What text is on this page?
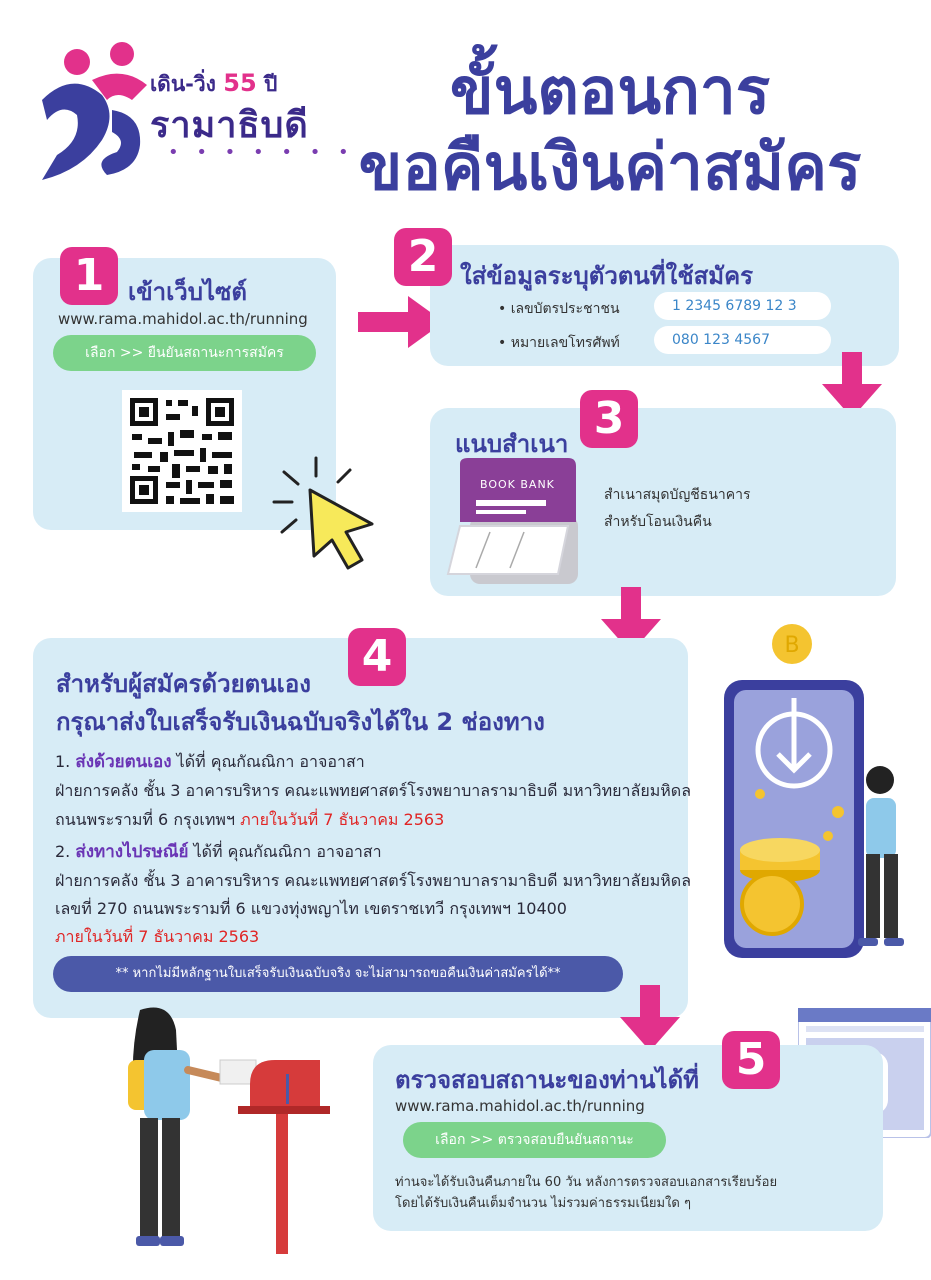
เดิน-วิ่ง 55 ปี
รามาธิบดี
• • • • • • •
ขั้นตอนการ
ขอคืนเงินค่าสมัคร
1 เข้าเว็บไซต์
www.rama.mahidol.ac.th/running
เลือก >> ยืนยันสถานะการสมัคร
2 ใส่ข้อมูลระบุตัวตนที่ใช้สมัคร
• เลขบัตรประชาชน	1 2345 6789 12 3
• หมายเลขโทรศัพท์	080 123 4567
แนบสำเนา 3
BOOK BANK
สำเนาสมุดบัญชีธนาคาร
สำหรับโอนเงินคืน
สำหรับผู้สมัครด้วยตนเอง
กรุณาส่งใบเสร็จรับเงินฉบับจริงได้ใน 2 ช่องทาง
4
1. ส่งด้วยตนเอง ได้ที่ คุณกัณณิกา อาจอาสา
ฝ่ายการคลัง ชั้น 3 อาคารบริหาร คณะแพทยศาสตร์โรงพยาบาลรามาธิบดี มหาวิทยาลัยมหิดล
ถนนพระรามที่ 6 กรุงเทพฯ ภายในวันที่ 7 ธันวาคม 2563
2. ส่งทางไปรษณีย์ ได้ที่ คุณกัณณิกา อาจอาสา
ฝ่ายการคลัง ชั้น 3 อาคารบริหาร คณะแพทยศาสตร์โรงพยาบาลรามาธิบดี มหาวิทยาลัยมหิดล
เลขที่ 270 ถนนพระรามที่ 6 แขวงทุ่งพญาไท เขตราชเทวี กรุงเทพฯ 10400
ภายในวันที่ 7 ธันวาคม 2563
** หากไม่มีหลักฐานใบเสร็จรับเงินฉบับจริง จะไม่สามารถขอคืนเงินค่าสมัครได้**
B
ตรวจสอบสถานะของท่านได้ที่ 5
www.rama.mahidol.ac.th/running
เลือก >> ตรวจสอบยืนยันสถานะ
ท่านจะได้รับเงินคืนภายใน 60 วัน หลังการตรวจสอบเอกสารเรียบร้อย
โดยได้รับเงินคืนเต็มจำนวน ไม่รวมค่าธรรมเนียมใด ๆ
